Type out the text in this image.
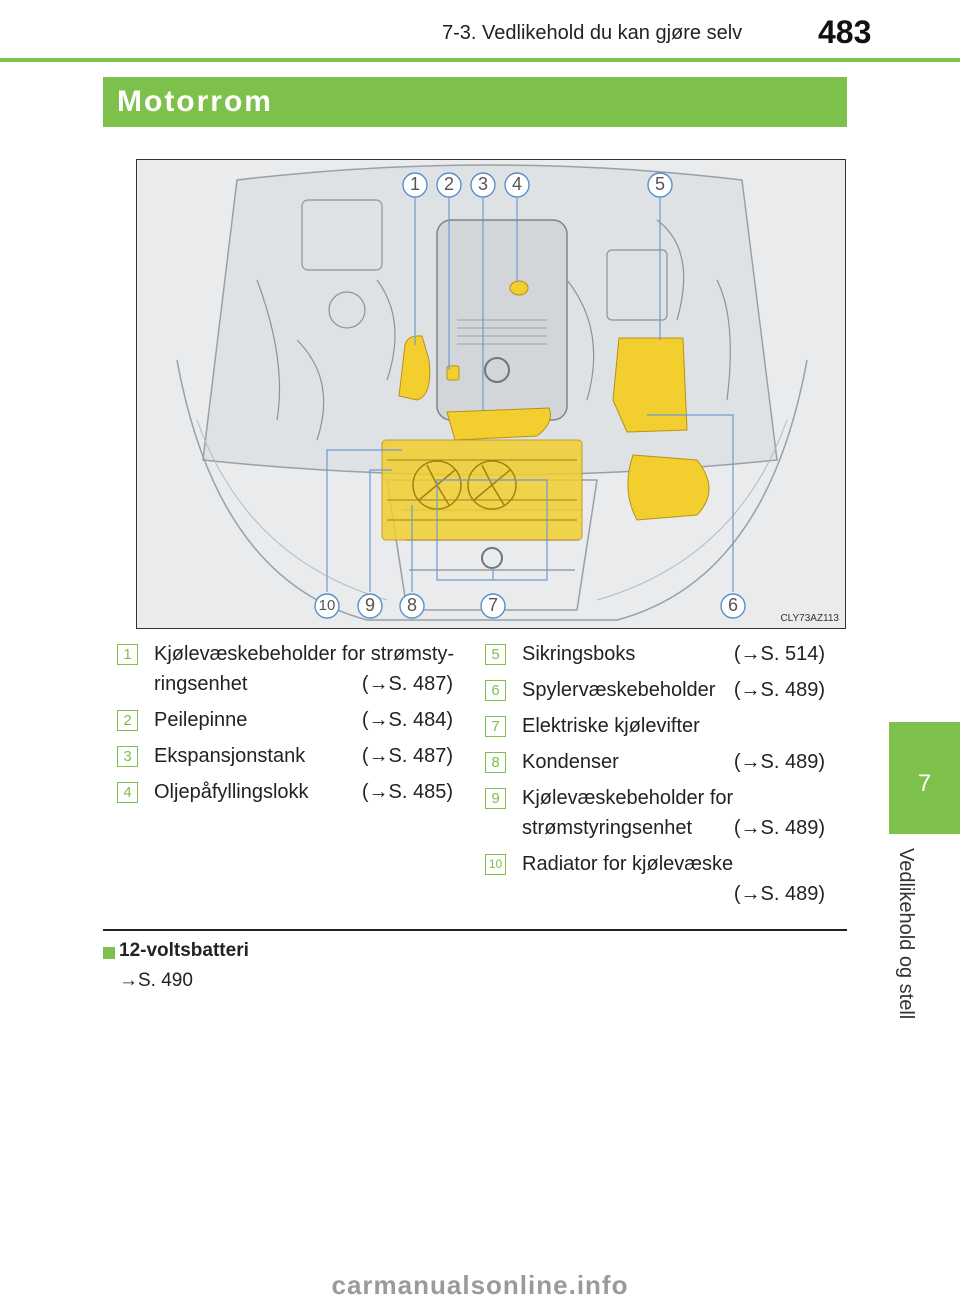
7-3. Vedlikehold du kan gjøre selv 483
Motorrom
7
Vedlikehold og stell
1	2	3	4	5
10	9	8	7	6
CLY73AZ113
1	Kjølevæskebeholder for strømsty-
ringsenhet	(→S. 487)
2	Peilepinne	(→S. 484)
3	Ekspansjonstank	(→S. 487)
4	Oljepåfyllingslokk	(→S. 485)
5	Sikringsboks	(→S. 514)
6	Spylervæskebeholder (→S. 489)
7	Elektriske kjølevifter
8	Kondenser	(→S. 489)
9	Kjølevæskebeholder for
strømstyringsenhet (→S. 489)
10 Radiator for kjølevæske
(→S. 489)
12-voltsbatteri
→S. 490
carmanualsonline.info
